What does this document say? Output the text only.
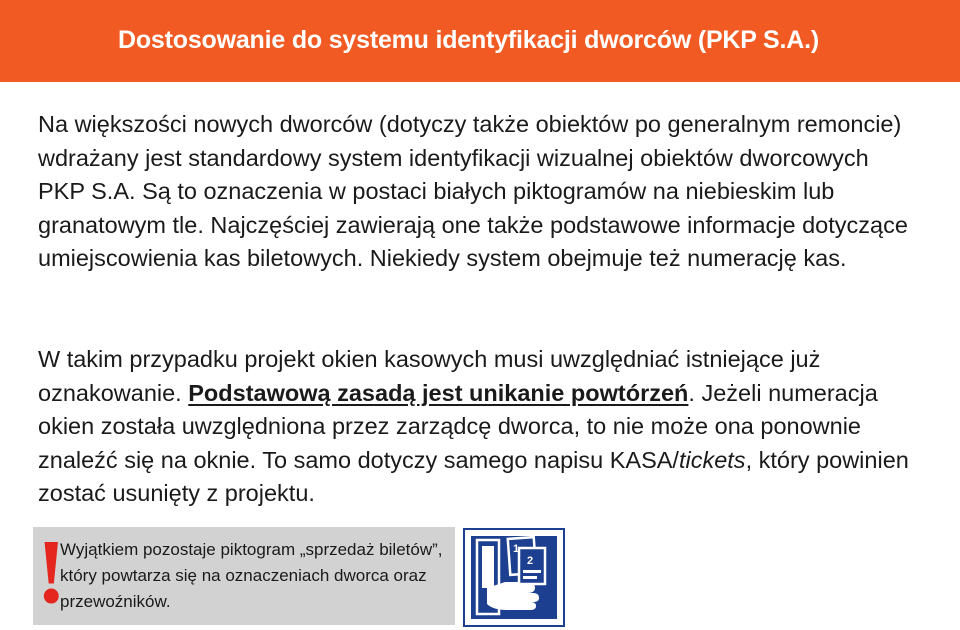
Dostosowanie do systemu identyfikacji dworców (PKP S.A.)

Na większości nowych dworców (dotyczy także obiektów po generalnym remoncie) wdrażany jest standardowy system identyfikacji wizualnej obiektów dworcowych PKP S.A. Są to oznaczenia w postaci białych piktogramów na niebieskim lub granatowym tle. Najczęściej zawierają one także podstawowe informacje dotyczące umiejscowienia kas biletowych. Niekiedy system obejmuje też numerację kas.

W takim przypadku projekt okien kasowych musi uwzględniać istniejące już oznakowanie. Podstawową zasadą jest unikanie powtórzeń. Jeżeli numeracja okien została uwzględniona przez zarządcę dworca, to nie może ona ponownie znaleźć się na oknie. To samo dotyczy samego napisu KASA/tickets, który powinien zostać usunięty z projektu.

!
Wyjątkiem pozostaje piktogram „sprzedaż biletów”, który powtarza się na oznaczeniach dworca oraz przewoźników.
1
2
